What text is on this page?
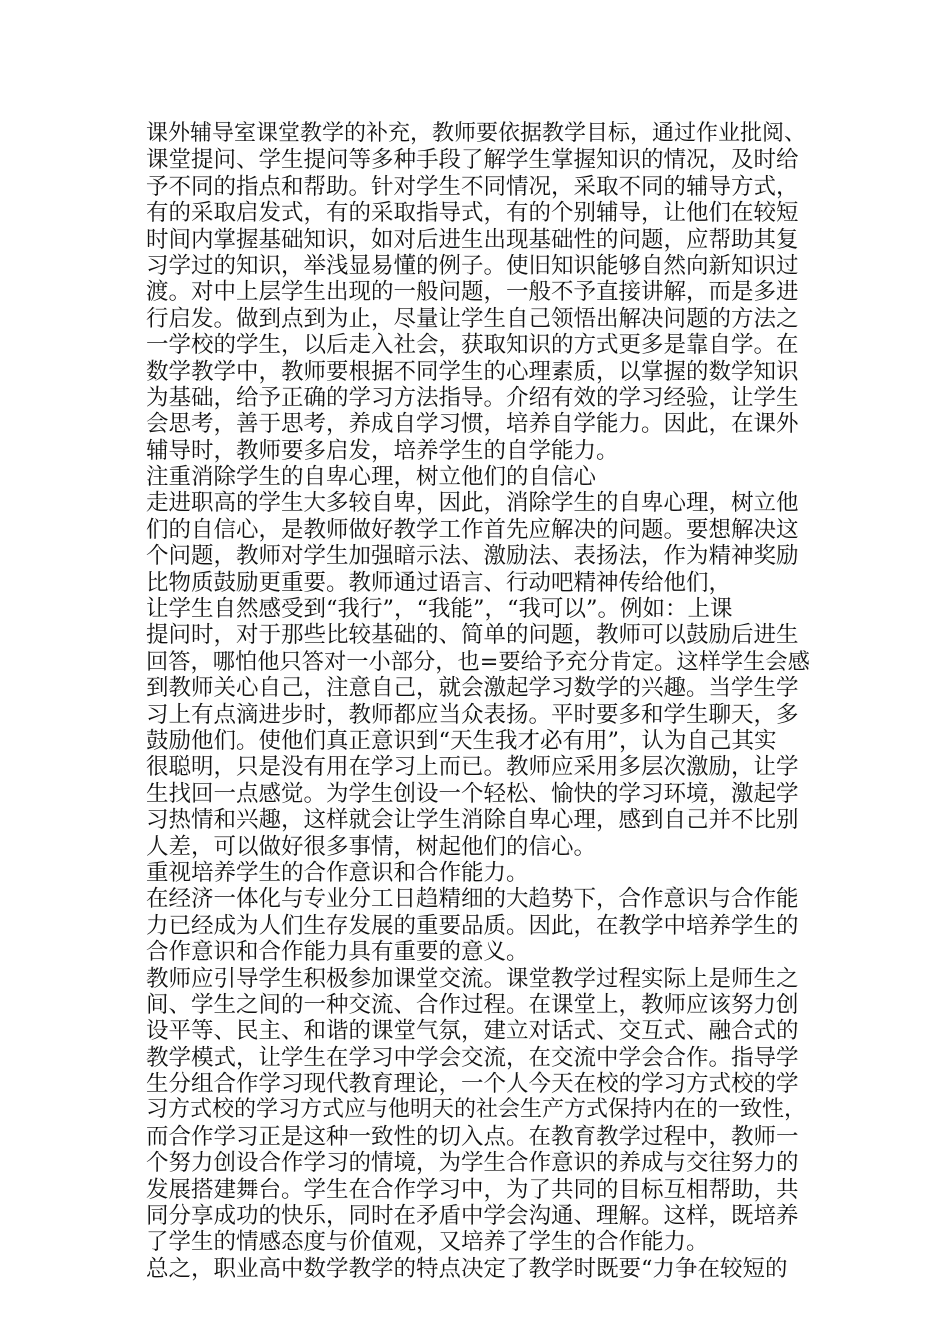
课外辅导室课堂教学的补充，教师要依据教学目标，通过作业批阅、
课堂提问、学生提问等多种手段了解学生掌握知识的情况，及时给
予不同的指点和帮助。针对学生不同情况，采取不同的辅导方式，
有的采取启发式，有的采取指导式，有的个别辅导，让他们在较短
时间内掌握基础知识，如对后进生出现基础性的问题，应帮助其复
习学过的知识，举浅显易懂的例子。使旧知识能够自然向新知识过
渡。对中上层学生出现的一般问题，一般不予直接讲解，而是多进
行启发。做到点到为止，尽量让学生自己领悟出解决问题的方法之
一学校的学生，以后走入社会，获取知识的方式更多是靠自学。在
数学教学中，教师要根据不同学生的心理素质，以掌握的数学知识
为基础，给予正确的学习方法指导。介绍有效的学习经验，让学生
会思考，善于思考，养成自学习惯，培养自学能力。因此，在课外
辅导时，教师要多启发，培养学生的自学能力。
注重消除学生的自卑心理，树立他们的自信心
走进职高的学生大多较自卑，因此，消除学生的自卑心理，树立他
们的自信心，是教师做好教学工作首先应解决的问题。要想解决这
个问题，教师对学生加强暗示法、激励法、表扬法，作为精神奖励
比物质鼓励更重要。教师通过语言、行动吧精神传给他们，
让学生自然感受到“我行”，“我能”，“我可以”。例如：上课
提问时，对于那些比较基础的、简单的问题，教师可以鼓励后进生
回答，哪怕他只答对一小部分，也=要给予充分肯定。这样学生会感
到教师关心自己，注意自己，就会激起学习数学的兴趣。当学生学
习上有点滴进步时，教师都应当众表扬。平时要多和学生聊天，多
鼓励他们。使他们真正意识到“天生我才必有用”，认为自己其实
很聪明，只是没有用在学习上而已。教师应采用多层次激励，让学
生找回一点感觉。为学生创设一个轻松、愉快的学习环境，激起学
习热情和兴趣，这样就会让学生消除自卑心理，感到自己并不比别
人差，可以做好很多事情，树起他们的信心。
重视培养学生的合作意识和合作能力。
在经济一体化与专业分工日趋精细的大趋势下，合作意识与合作能
力已经成为人们生存发展的重要品质。因此，在教学中培养学生的
合作意识和合作能力具有重要的意义。
教师应引导学生积极参加课堂交流。课堂教学过程实际上是师生之
间、学生之间的一种交流、合作过程。在课堂上，教师应该努力创
设平等、民主、和谐的课堂气氛，建立对话式、交互式、融合式的
教学模式，让学生在学习中学会交流，在交流中学会合作。指导学
生分组合作学习现代教育理论，一个人今天在校的学习方式校的学
习方式校的学习方式应与他明天的社会生产方式保持内在的一致性，
而合作学习正是这种一致性的切入点。在教育教学过程中，教师一
个努力创设合作学习的情境，为学生合作意识的养成与交往努力的
发展搭建舞台。学生在合作学习中，为了共同的目标互相帮助，共
同分享成功的快乐，同时在矛盾中学会沟通、理解。这样，既培养
了学生的情感态度与价值观，又培养了学生的合作能力。
总之，职业高中数学教学的特点决定了教学时既要“力争在较短的
